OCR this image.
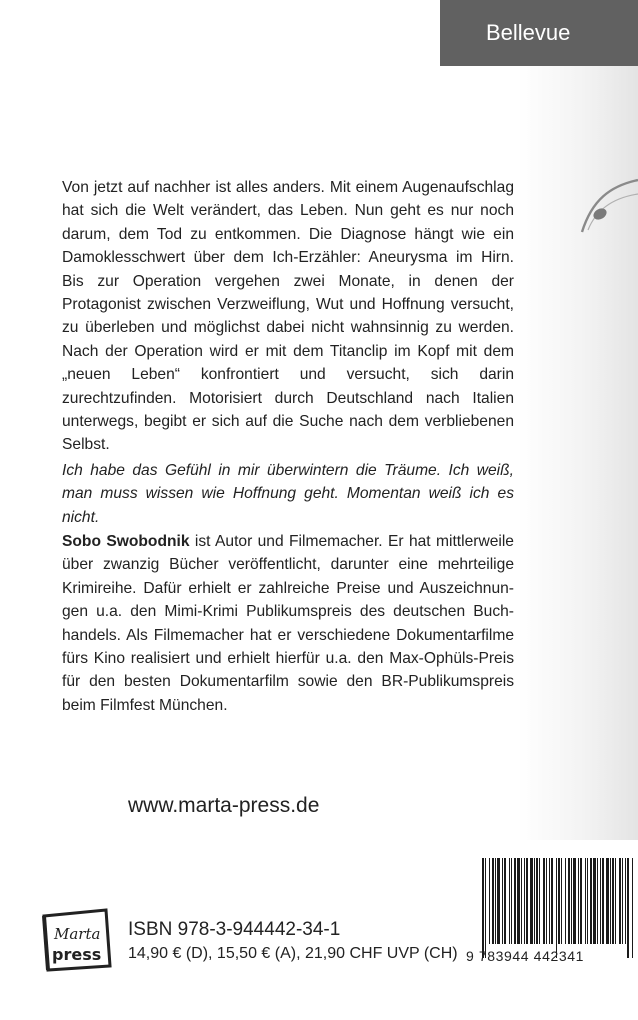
Bellevue

Von jetzt auf nachher ist alles anders. Mit einem Augenaufschlag hat sich die Welt verändert, das Leben. Nun geht es nur noch darum, dem Tod zu entkommen. Die Diagnose hängt wie ein Damoklesschwert über dem Ich-Erzähler: Aneurysma im Hirn. Bis zur Operation vergehen zwei Monate, in denen der Protagonist zwischen Verzweiflung, Wut und Hoffnung versucht, zu überleben und möglichst dabei nicht wahnsinnig zu werden. Nach der Operation wird er mit dem Titanclip im Kopf mit dem „neuen Leben“ konfrontiert und versucht, sich darin zurechtzufinden. Motorisiert durch Deutschland nach Italien unterwegs, begibt er sich auf die Suche nach dem verbliebenen Selbst.

Ich habe das Gefühl in mir überwintern die Träume. Ich weiß, man muss wissen wie Hoffnung geht. Momentan weiß ich es nicht.

Sobo Swobodnik ist Autor und Filmemacher. Er hat mittlerweile über zwanzig Bücher veröffentlicht, darunter eine mehrteilige Krimireihe. Dafür erhielt er zahlreiche Preise und Auszeichnungen u.a. den Mimi-Krimi Publikumspreis des deutschen Buchhandels. Als Filmemacher hat er verschiedene Dokumentarfilme fürs Kino realisiert und erhielt hierfür u.a. den Max-Ophüls-Preis für den besten Dokumentarfilm sowie den BR-Publikumspreis beim Filmfest München.

www.marta-press.de
Marta
press
ISBN 978-3-944442-34-1
14,90 € (D), 15,50 € (A), 21,90 CHF UVP (CH) 9 783944 442341
